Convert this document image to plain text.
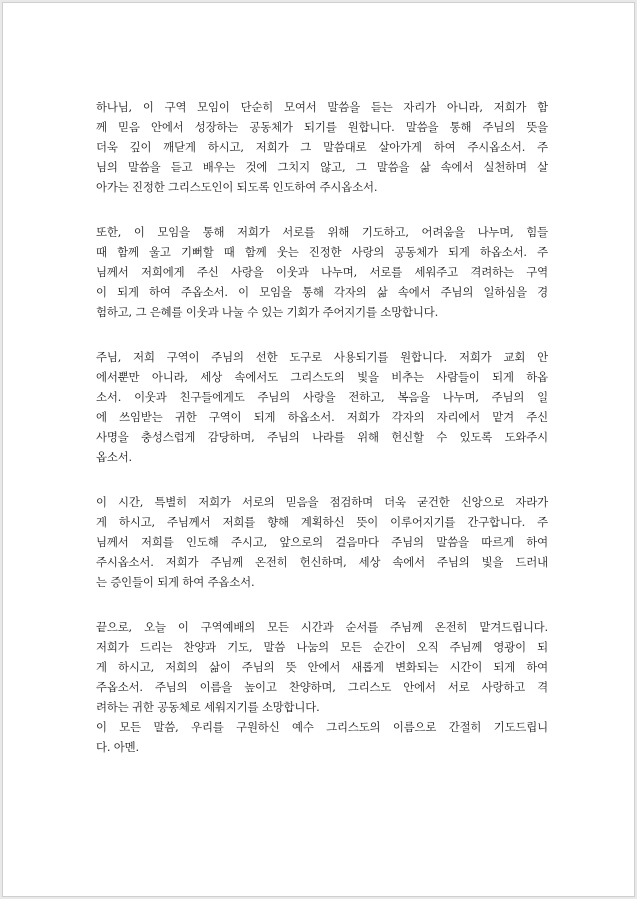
하나님, 이 구역 모임이 단순히 모여서 말씀을 듣는 자리가 아니라, 저희가 함
께 믿음 안에서 성장하는 공동체가 되기를 원합니다. 말씀을 통해 주님의 뜻을
더욱 깊이 깨닫게 하시고, 저희가 그 말씀대로 살아가게 하여 주시옵소서. 주
님의 말씀을 듣고 배우는 것에 그치지 않고, 그 말씀을 삶 속에서 실천하며 살
아가는 진정한 그리스도인이 되도록 인도하여 주시옵소서.
또한, 이 모임을 통해 저희가 서로를 위해 기도하고, 어려움을 나누며, 힘들
때 함께 울고 기뻐할 때 함께 웃는 진정한 사랑의 공동체가 되게 하옵소서. 주
님께서 저희에게 주신 사랑을 이웃과 나누며, 서로를 세워주고 격려하는 구역
이 되게 하여 주옵소서. 이 모임을 통해 각자의 삶 속에서 주님의 일하심을 경
험하고, 그 은혜를 이웃과 나눌 수 있는 기회가 주어지기를 소망합니다.
주님, 저희 구역이 주님의 선한 도구로 사용되기를 원합니다. 저희가 교회 안
에서뿐만 아니라, 세상 속에서도 그리스도의 빛을 비추는 사람들이 되게 하옵
소서. 이웃과 친구들에게도 주님의 사랑을 전하고, 복음을 나누며, 주님의 일
에 쓰임받는 귀한 구역이 되게 하옵소서. 저희가 각자의 자리에서 맡겨 주신
사명을 충성스럽게 감당하며, 주님의 나라를 위해 헌신할 수 있도록 도와주시
옵소서.
이 시간, 특별히 저희가 서로의 믿음을 점검하며 더욱 굳건한 신앙으로 자라가
게 하시고, 주님께서 저희를 향해 계획하신 뜻이 이루어지기를 간구합니다. 주
님께서 저희를 인도해 주시고, 앞으로의 걸음마다 주님의 말씀을 따르게 하여
주시옵소서. 저희가 주님께 온전히 헌신하며, 세상 속에서 주님의 빛을 드러내
는 증인들이 되게 하여 주옵소서.
끝으로, 오늘 이 구역예배의 모든 시간과 순서를 주님께 온전히 맡겨드립니다.
저희가 드리는 찬양과 기도, 말씀 나눔의 모든 순간이 오직 주님께 영광이 되
게 하시고, 저희의 삶이 주님의 뜻 안에서 새롭게 변화되는 시간이 되게 하여
주옵소서. 주님의 이름을 높이고 찬양하며, 그리스도 안에서 서로 사랑하고 격
려하는 귀한 공동체로 세워지기를 소망합니다.
이 모든 말씀, 우리를 구원하신 예수 그리스도의 이름으로 간절히 기도드립니
다. 아멘.
